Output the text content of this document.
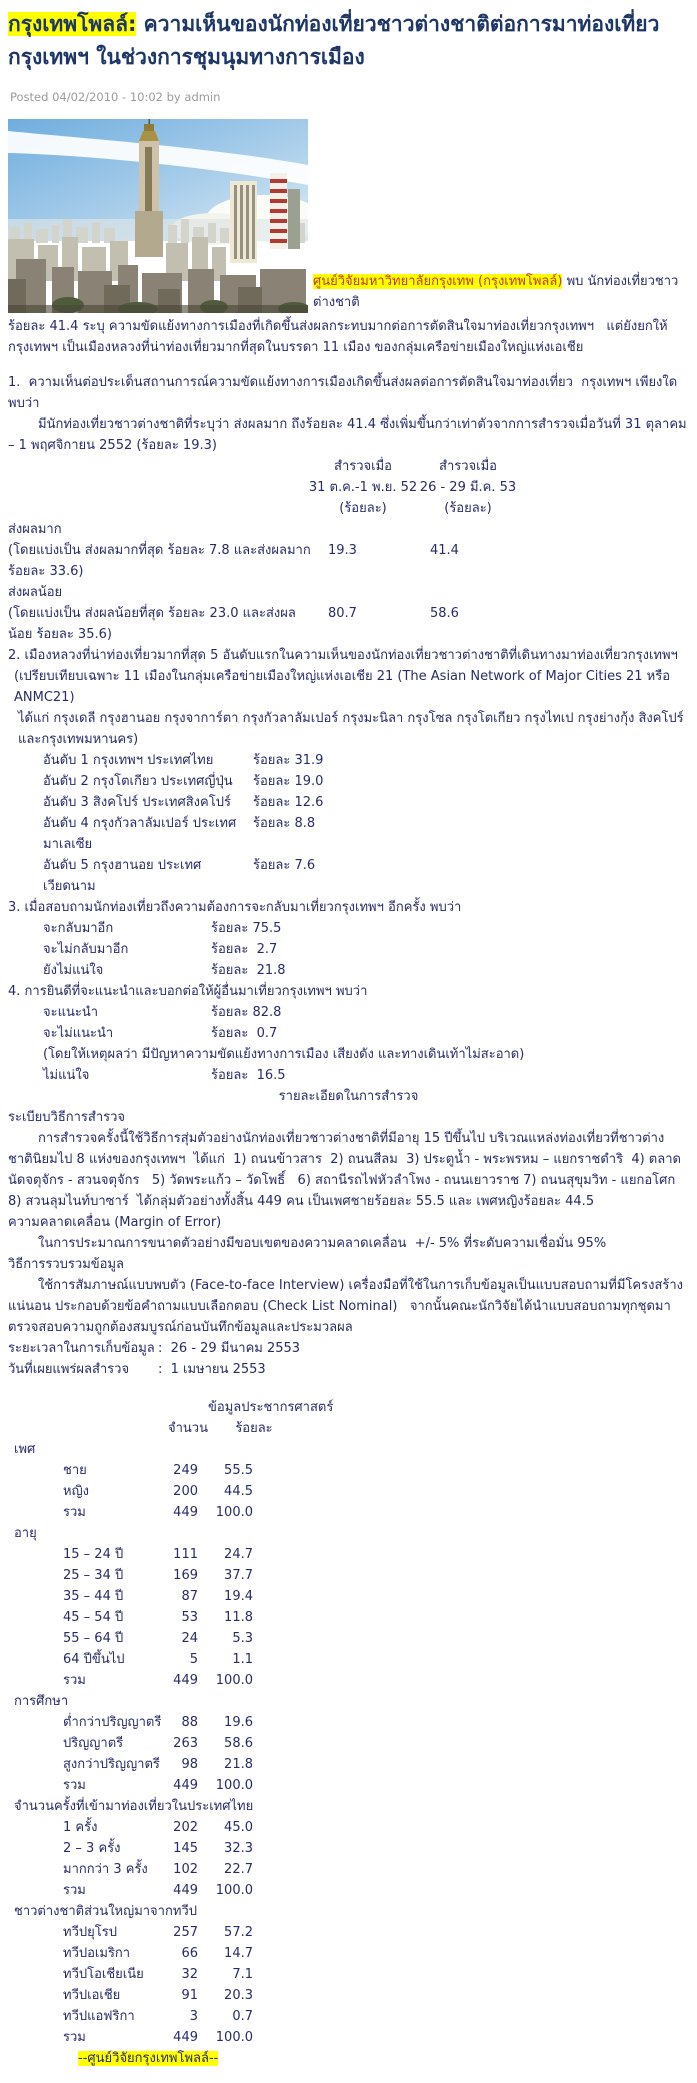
กรุงเทพโพลล์: ความเห็นของนักท่องเที่ยวชาวต่างชาติต่อการมาท่องเที่ยว กรุงเทพฯ ในช่วงการชุมนุมทางการเมือง
Posted 04/02/2010 - 10:02 by admin
ศูนย์วิจัยมหาวิทยาลัยกรุงเทพ (กรุงเทพโพลล์) พบ นักท่องเที่ยวชาวต่างชาติ
ร้อยละ 41.4 ระบุ ความขัดแย้งทางการเมืองที่เกิดขึ้นส่งผลกระทบมากต่อการตัดสินใจมาท่องเที่ยวกรุงเทพฯ   แต่ยังยกให้กรุงเทพฯ เป็นเมืองหลวงที่น่าท่องเที่ยวมากที่สุดในบรรดา 11 เมือง ของกลุ่มเครือข่ายเมืองใหญ่แห่งเอเชีย
1.  ความเห็นต่อประเด็นสถานการณ์ความขัดแย้งทางการเมืองเกิดขึ้นส่งผลต่อการตัดสินใจมาท่องเที่ยว  กรุงเทพฯ เพียงใด พบว่า
มีนักท่องเที่ยวชาวต่างชาติที่ระบุว่า ส่งผลมาก ถึงร้อยละ 41.4 ซึ่งเพิ่มขึ้นกว่าเท่าตัวจากการสำรวจเมื่อวันที่ 31 ตุลาคม – 1 พฤศจิกายน 2552 (ร้อยละ 19.3)
สำรวจเมื่อ	สำรวจเมื่อ
31 ต.ค.-1 พ.ย. 52 26 - 29 มี.ค. 53
(ร้อยละ)	(ร้อยละ)
ส่งผลมาก
(โดยแบ่งเป็น ส่งผลมากที่สุด ร้อยละ 7.8 และส่งผลมาก ร้อยละ 33.6)
19.3	41.4
ส่งผลน้อย
(โดยแบ่งเป็น ส่งผลน้อยที่สุด ร้อยละ 23.0 และส่งผลน้อย ร้อยละ 35.6)
80.7	58.6
2. เมืองหลวงที่น่าท่องเที่ยวมากที่สุด 5 อันดับแรกในความเห็นของนักท่องเที่ยวชาวต่างชาติที่เดินทางมาท่องเที่ยวกรุงเทพฯ
(เปรียบเทียบเฉพาะ 11 เมืองในกลุ่มเครือข่ายเมืองใหญ่แห่งเอเชีย 21 (The Asian Network of Major Cities 21 หรือ ANMC21)
ได้แก่ กรุงเดลี กรุงฮานอย กรุงจาการ์ตา กรุงกัวลาลัมเปอร์ กรุงมะนิลา กรุงโซล กรุงโตเกียว กรุงไทเป กรุงย่างกุ้ง สิงคโปร์
และกรุงเทพมหานคร)
อันดับ 1 กรุงเทพฯ ประเทศไทย	ร้อยละ 31.9
อันดับ 2 กรุงโตเกียว ประเทศญี่ปุ่น	ร้อยละ 19.0
อันดับ 3 สิงคโปร์ ประเทศสิงคโปร์	ร้อยละ 12.6
อันดับ 4 กรุงกัวลาลัมเปอร์ ประเทศมาเลเซีย
ร้อยละ 8.8
อันดับ 5 กรุงฮานอย ประเทศเวียดนาม
ร้อยละ 7.6
3. เมื่อสอบถามนักท่องเที่ยวถึงความต้องการจะกลับมาเที่ยวกรุงเทพฯ อีกครั้ง พบว่า
จะกลับมาอีก	ร้อยละ 75.5
จะไม่กลับมาอีก	ร้อยละ  2.7
ยังไม่แน่ใจ	ร้อยละ  21.8
4. การยินดีที่จะแนะนำและบอกต่อให้ผู้อื่นมาเที่ยวกรุงเทพฯ พบว่า
จะแนะนำ	ร้อยละ 82.8
จะไม่แนะนำ	ร้อยละ  0.7
(โดยให้เหตุผลว่า มีปัญหาความขัดแย้งทางการเมือง เสียงดัง และทางเดินเท้าไม่สะอาด)
ไม่แน่ใจ	ร้อยละ  16.5
รายละเอียดในการสำรวจ
ระเบียบวิธีการสำรวจ
การสำรวจครั้งนี้ใช้วิธีการสุ่มตัวอย่างนักท่องเที่ยวชาวต่างชาติที่มีอายุ 15 ปีขึ้นไป บริเวณแหล่งท่องเที่ยวที่ชาวต่างชาตินิยมไป 8 แห่งของกรุงเทพฯ  ได้แก่  1) ถนนข้าวสาร  2) ถนนสีลม  3) ประตูน้ำ - พระพรหม – แยกราชดำริ  4) ตลาดนัดจตุจักร - สวนจตุจักร   5) วัดพระแก้ว – วัดโพธิ์   6) สถานีรถไฟหัวลำโพง - ถนนเยาวราช 7) ถนนสุขุมวิท - แยกอโศก  8) สวนลุมไนท์บาซาร์  ได้กลุ่มตัวอย่างทั้งสิ้น 449 คน เป็นเพศชายร้อยละ 55.5 และ เพศหญิงร้อยละ 44.5
ความคลาดเคลื่อน (Margin of Error)
ในการประมาณการขนาดตัวอย่างมีขอบเขตของความคลาดเคลื่อน  +/- 5% ที่ระดับความเชื่อมั่น 95%
วิธีการรวบรวมข้อมูล
ใช้การสัมภาษณ์แบบพบตัว (Face-to-face Interview) เครื่องมือที่ใช้ในการเก็บข้อมูลเป็นแบบสอบถามที่มีโครงสร้างแน่นอน ประกอบด้วยข้อคำถามแบบเลือกตอบ (Check List Nominal)   จากนั้นคณะนักวิจัยได้นำแบบสอบถามทุกชุดมาตรวจสอบความถูกต้องสมบูรณ์ก่อนบันทึกข้อมูลและประมวลผล
ระยะเวลาในการเก็บข้อมูล :  26 - 29 มีนาคม 2553
วันที่เผยแพร่ผลสำรวจ	:  1 เมษายน 2553
ข้อมูลประชากรศาสตร์
จำนวน	ร้อยละ
เพศ
ชาย	249	55.5
หญิง	200	44.5
รวม	449	100.0
อายุ
15 – 24 ปี	111	24.7
25 – 34 ปี	169	37.7
35 – 44 ปี	87	19.4
45 – 54 ปี	53	11.8
55 – 64 ปี	24	5.3
64 ปีขึ้นไป	5	1.1
รวม	449	100.0
การศึกษา
ต่ำกว่าปริญญาตรี	88	19.6
ปริญญาตรี	263	58.6
สูงกว่าปริญญาตรี	98	21.8
รวม	449	100.0
จำนวนครั้งที่เข้ามาท่องเที่ยวในประเทศไทย
1 ครั้ง	202	45.0
2 – 3 ครั้ง	145	32.3
มากกว่า 3 ครั้ง	102	22.7
รวม	449	100.0
ชาวต่างชาติส่วนใหญ่มาจากทวีป
ทวีปยุโรป	257	57.2
ทวีปอเมริกา	66	14.7
ทวีปโอเชียเนีย	32	7.1
ทวีปเอเชีย	91	20.3
ทวีปแอฟริกา	3	0.7
รวม	449	100.0
--ศูนย์วิจัยกรุงเทพโพลล์--
